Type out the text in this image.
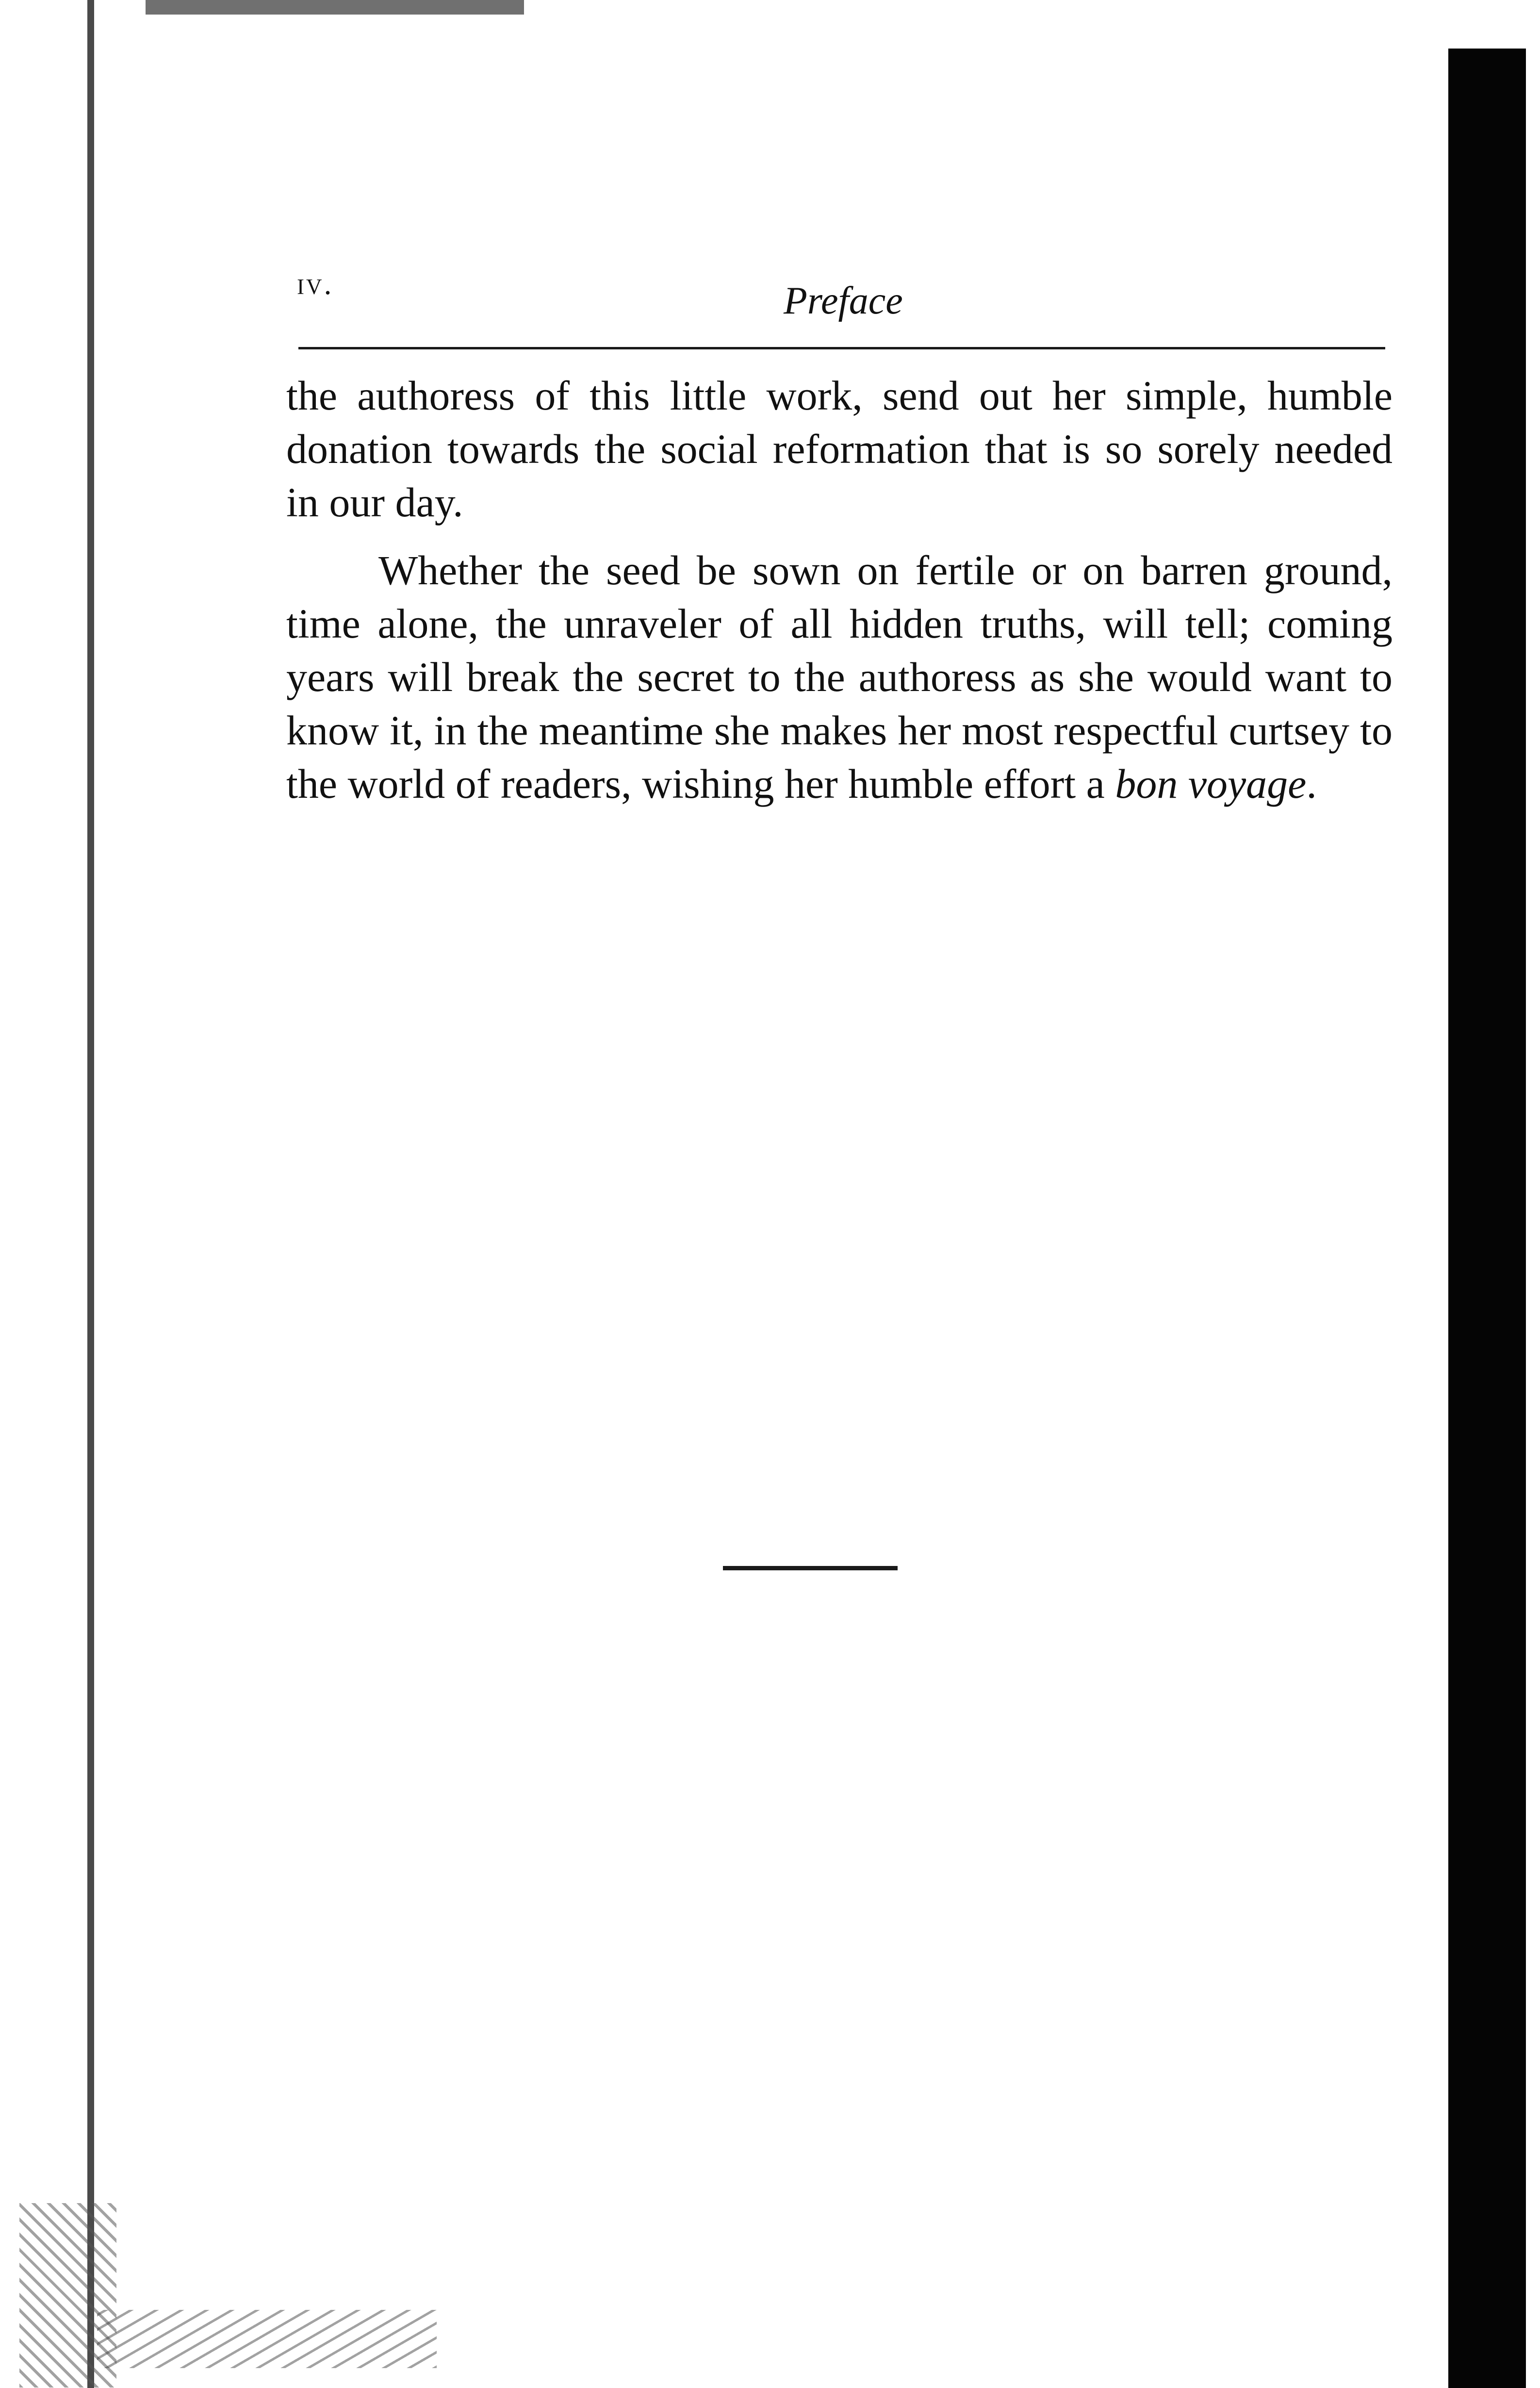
iv.	Preface

the authoress of this little work, send out her simple, humble donation towards the social reformation that is so sorely needed in our day.

Whether the seed be sown on fertile or on barren ground, time alone, the unraveler of all hidden truths, will tell; coming years will break the secret to the authoress as she would want to know it, in the meantime she makes her most respectful curtsey to the world of readers, wishing her humble effort a bon voyage.
